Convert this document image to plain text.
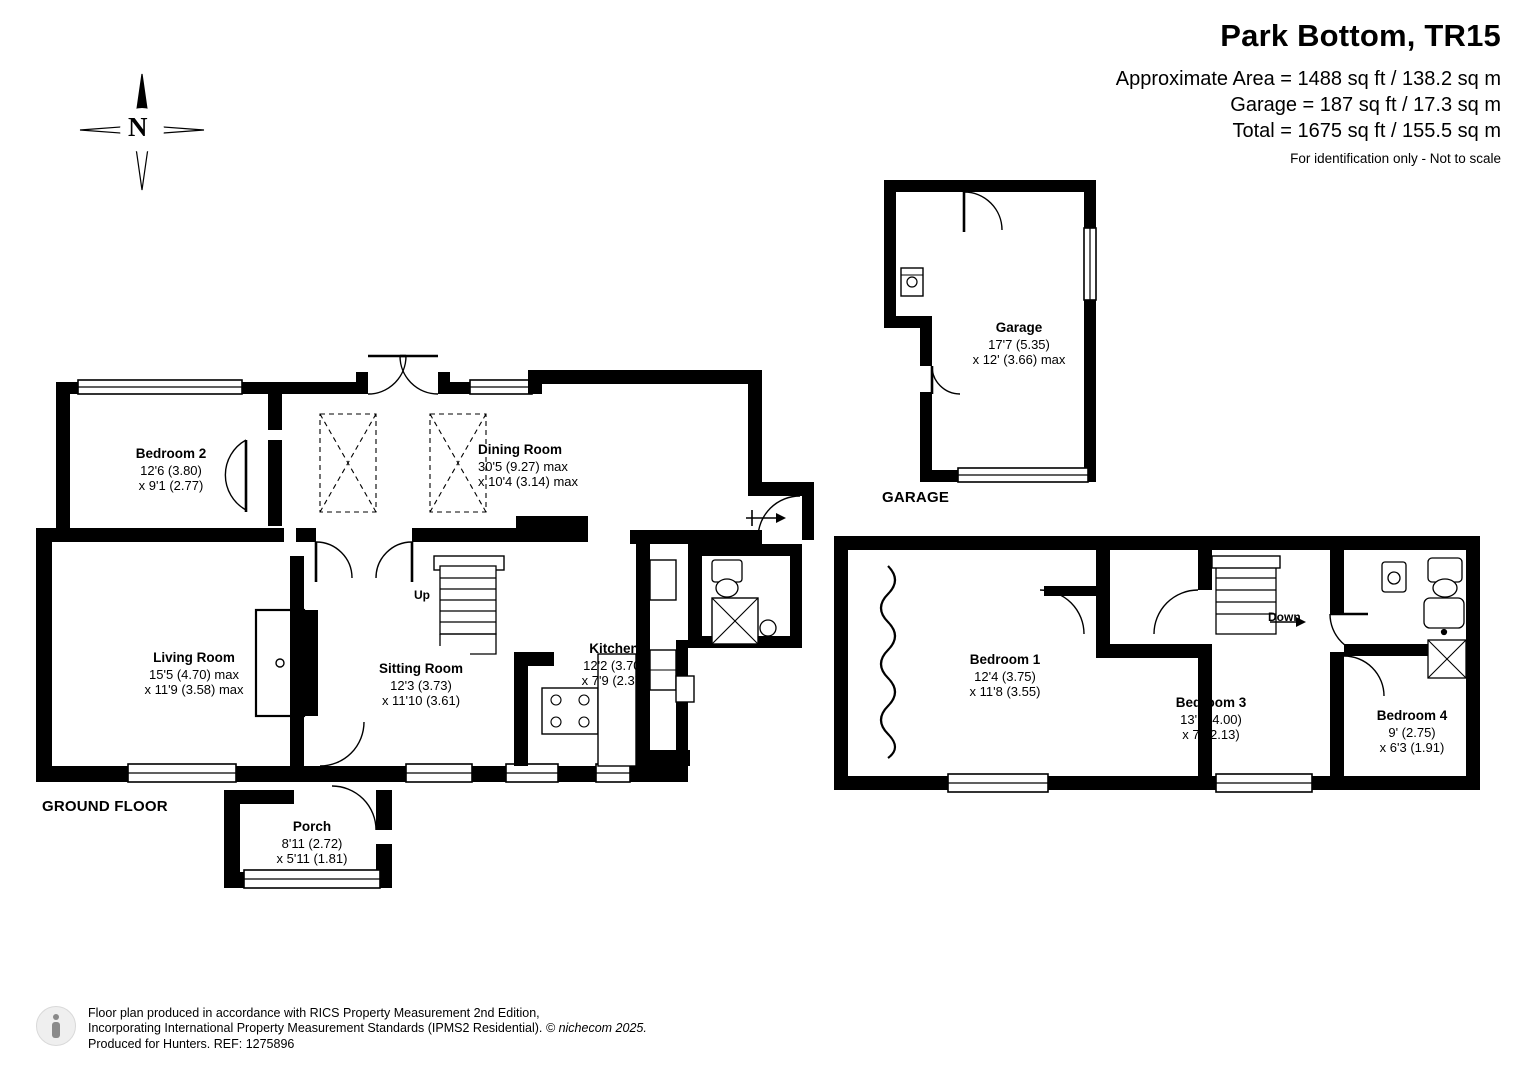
Park Bottom, TR15
Approximate Area = 1488 sq ft / 138.2 sq m
Garage = 187 sq ft / 17.3 sq m
Total = 1675 sq ft / 155.5 sq m
For identification only - Not to scale
N
Bedroom 2
12'6 (3.80)
x 9'1 (2.77)
Dining Room
30'5 (9.27) max
x 10'4 (3.14) max
Living Room
15'5 (4.70) max
x 11'9 (3.58) max
Sitting Room
12'3 (3.73)
x 11'10 (3.61)
Kitchen
12'2 (3.70)
x 7'9 (2.37)
Porch
8'11 (2.72)
x 5'11 (1.81)
Garage
17'7 (5.35)
x 12' (3.66) max
Bedroom 1
12'4 (3.75)
x 11'8 (3.55)
Bedroom 3
13'1 (4.00)
x 7' (2.13)
Bedroom 4
9' (2.75)
x 6'3 (1.91)
Up
Down
GROUND FLOOR
GARAGE
Floor plan produced in accordance with RICS Property Measurement 2nd Edition,
Incorporating International Property Measurement Standards (IPMS2 Residential). © nichecom 2025.
Produced for Hunters. REF: 1275896
